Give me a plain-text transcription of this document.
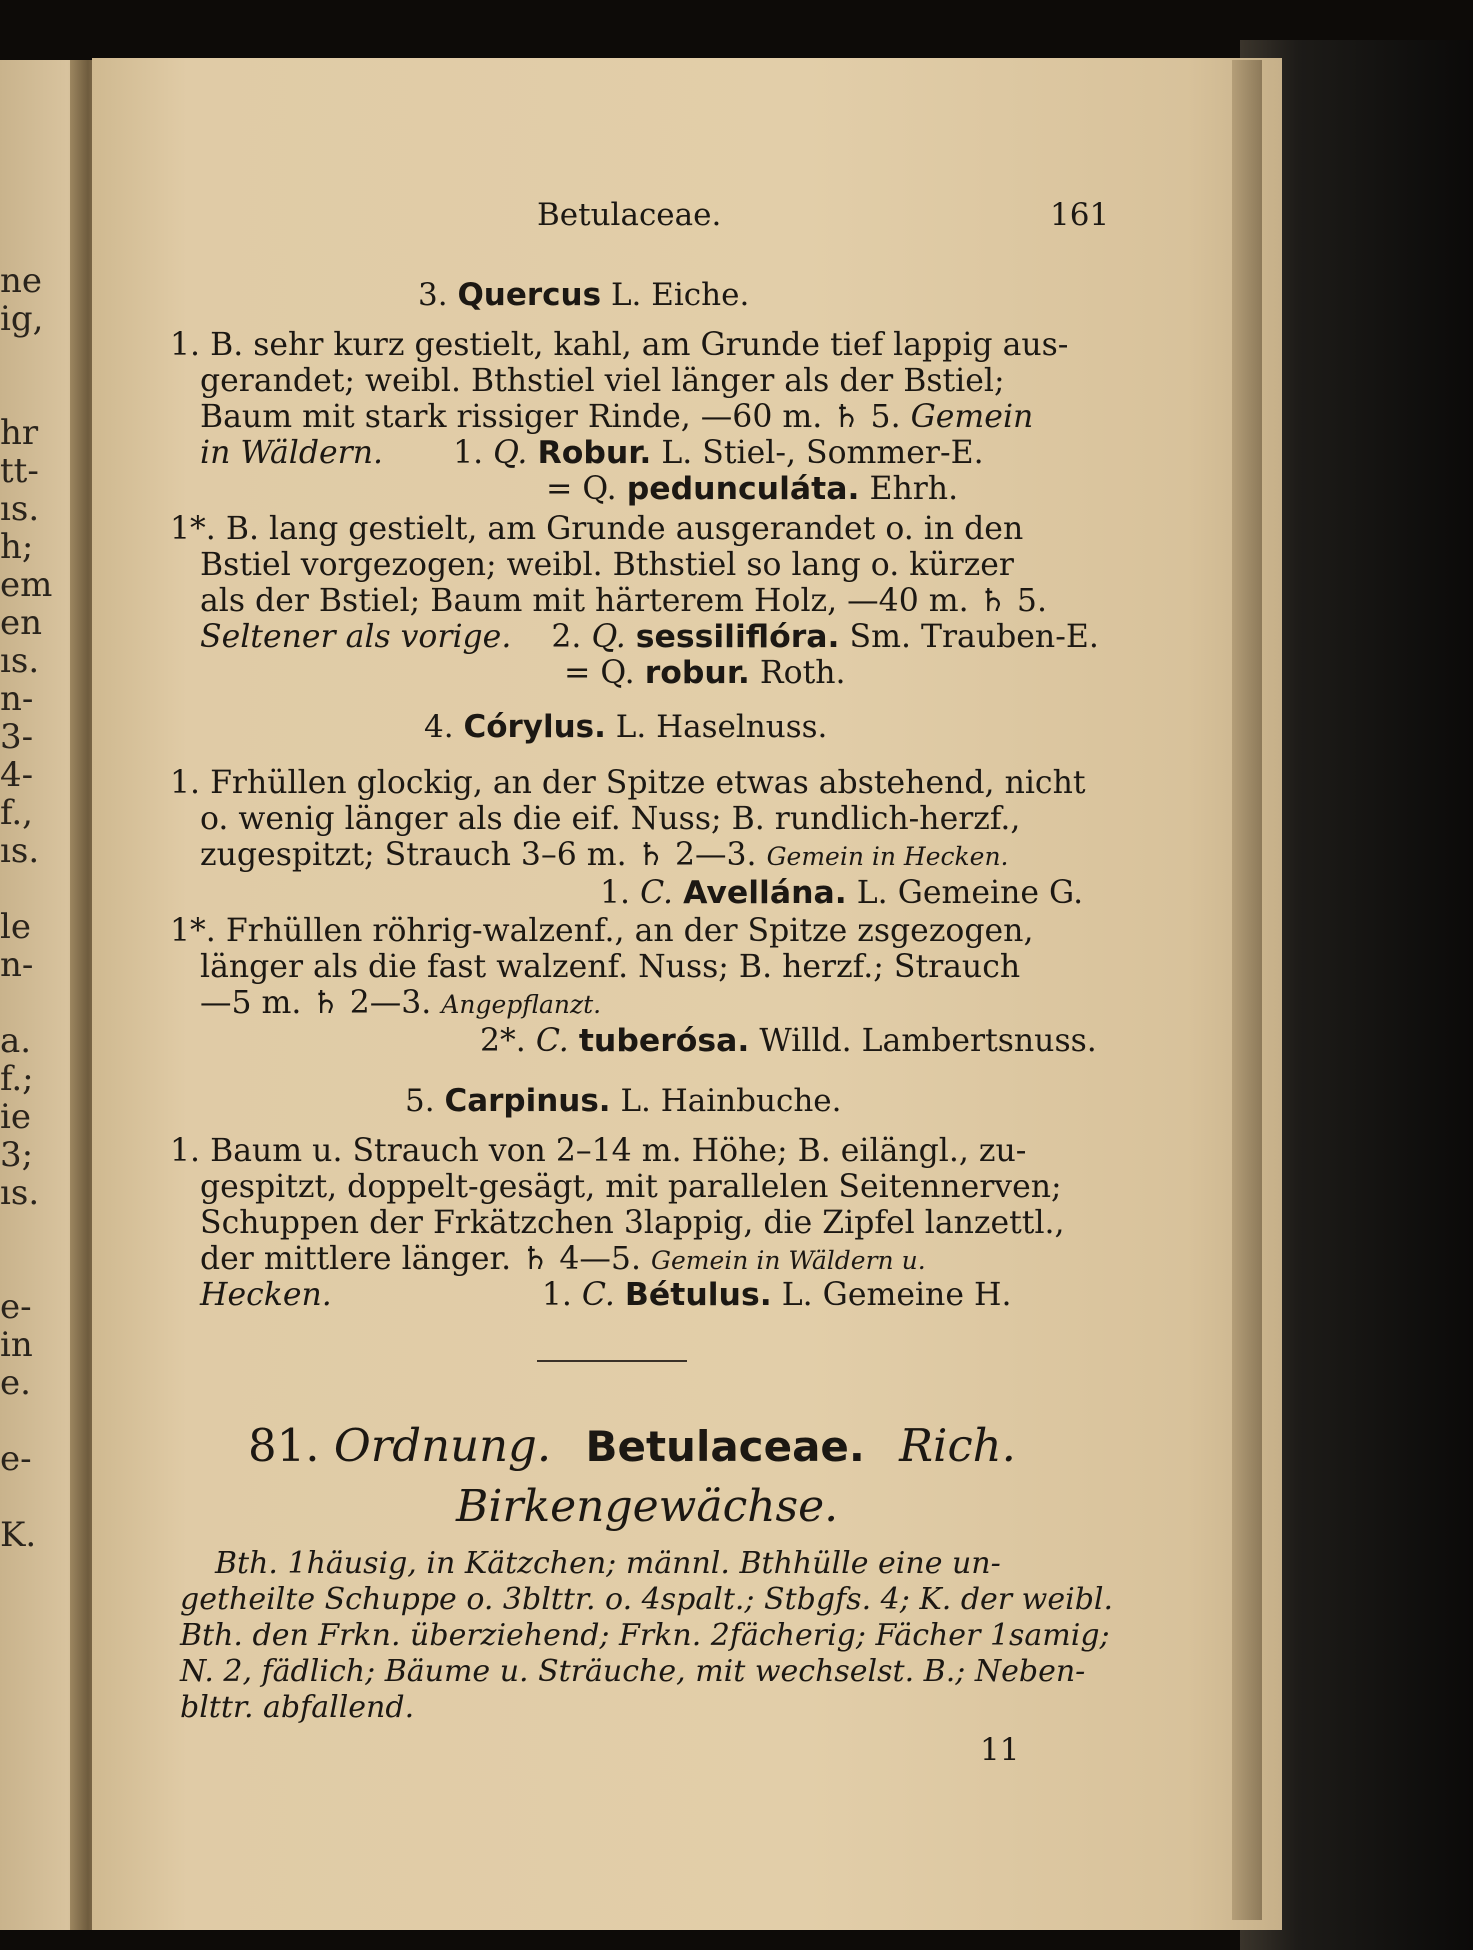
ne
ig,
hr
tt-
ıs.
h;
em
en
ıs.
n-
3-
4-
f.,
ıs.
le
n-
a.
f.;
ie
3;
ıs.
e-
in
e.
e-
K.
Betulaceae.	161
3. Quercus L. Eiche.
1. B. sehr kurz gestielt, kahl, am Grunde tief lappig aus-
gerandet; weibl. Bthstiel viel länger als der Bstiel;
Baum mit stark rissiger Rinde, —60 m. ♄ 5. Gemein
in Wäldern. 1. Q. Robur. L. Stiel-, Sommer-E.
= Q. pedunculáta. Ehrh.
1*. B. lang gestielt, am Grunde ausgerandet o. in den
Bstiel vorgezogen; weibl. Bthstiel so lang o. kürzer
als der Bstiel; Baum mit härterem Holz, —40 m. ♄ 5.
Seltener als vorige. 2. Q. sessiliflóra. Sm. Trauben-E.
= Q. robur. Roth.
4. Córylus. L. Haselnuss.
1. Frhüllen glockig, an der Spitze etwas abstehend, nicht
o. wenig länger als die eif. Nuss; B. rundlich-herzf.,
zugespitzt; Strauch 3–6 m. ♄ 2—3. Gemein in Hecken.
1. C. Avellána. L. Gemeine G.
1*. Frhüllen röhrig-walzenf., an der Spitze zsgezogen,
länger als die fast walzenf. Nuss; B. herzf.; Strauch
—5 m. ♄ 2—3. Angepflanzt.
2*. C. tuberósa. Willd. Lambertsnuss.
5. Carpinus. L. Hainbuche.
1. Baum u. Strauch von 2–14 m. Höhe; B. eilängl., zu-
gespitzt, doppelt-gesägt, mit parallelen Seitennerven;
Schuppen der Frkätzchen 3lappig, die Zipfel lanzettl.,
der mittlere länger. ♄ 4—5. Gemein in Wäldern u.
Hecken.	1. C. Bétulus. L. Gemeine H.
81. Ordnung. Betulaceae. Rich.
Birkengewächse.
Bth. 1häusig, in Kätzchen; männl. Bthhülle eine un-
getheilte Schuppe o. 3blttr. o. 4spalt.; Stbgfs. 4; K. der weibl.
Bth. den Frkn. überziehend; Frkn. 2fächerig; Fächer 1samig;
N. 2, fädlich; Bäume u. Sträuche, mit wechselst. B.; Neben-
blttr. abfallend.
11
